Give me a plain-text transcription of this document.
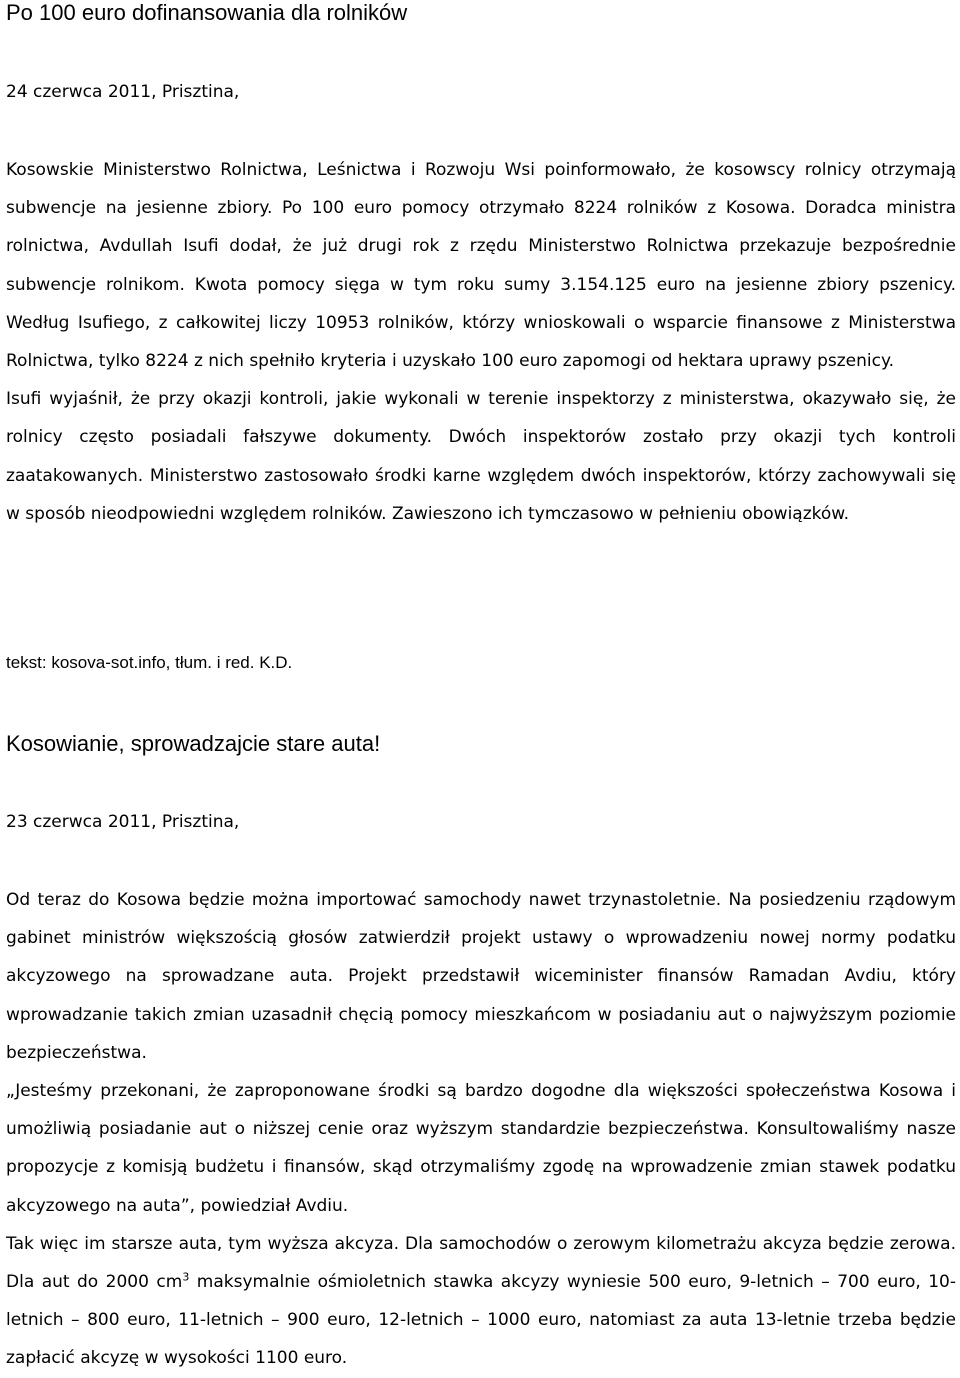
Po 100 euro dofinansowania dla rolników

24 czerwca 2011, Prisztina,

Kosowskie Ministerstwo Rolnictwa, Leśnictwa i Rozwoju Wsi poinformowało, że kosowscy rolnicy otrzymają subwencje na jesienne zbiory. Po 100 euro pomocy otrzymało 8224 rolników z Kosowa. Doradca ministra rolnictwa, Avdullah Isufi dodał, że już drugi rok z rzędu Ministerstwo Rolnictwa przekazuje bezpośrednie subwencje rolnikom. Kwota pomocy sięga w tym roku sumy 3.154.125 euro na jesienne zbiory pszenicy. Według Isufiego, z całkowitej liczy 10953 rolników, którzy wnioskowali o wsparcie finansowe z Ministerstwa Rolnictwa, tylko 8224 z nich spełniło kryteria i uzyskało 100 euro zapomogi od hektara uprawy pszenicy.

Isufi wyjaśnił, że przy okazji kontroli, jakie wykonali w terenie inspektorzy z ministerstwa, okazywało się, że rolnicy często posiadali fałszywe dokumenty. Dwóch inspektorów zostało przy okazji tych kontroli zaatakowanych. Ministerstwo zastosowało środki karne względem dwóch inspektorów, którzy zachowywali się w sposób nieodpowiedni względem rolników. Zawieszono ich tymczasowo w pełnieniu obowiązków.

tekst: kosova-sot.info, tłum. i red. K.D.

Kosowianie, sprowadzajcie stare auta!

23 czerwca 2011, Prisztina,

Od teraz do Kosowa będzie można importować samochody nawet trzynastoletnie. Na posiedzeniu rządowym gabinet ministrów większością głosów zatwierdził projekt ustawy o wprowadzeniu nowej normy podatku akcyzowego na sprowadzane auta. Projekt przedstawił wiceminister finansów Ramadan Avdiu, który wprowadzanie takich zmian uzasadnił chęcią pomocy mieszkańcom w posiadaniu aut o najwyższym poziomie bezpieczeństwa.

„Jesteśmy przekonani, że zaproponowane środki są bardzo dogodne dla większości społeczeństwa Kosowa i umożliwią posiadanie aut o niższej cenie oraz wyższym standardzie bezpieczeństwa. Konsultowaliśmy nasze propozycje z komisją budżetu i finansów, skąd otrzymaliśmy zgodę na wprowadzenie zmian stawek podatku akcyzowego na auta”, powiedział Avdiu.

Tak więc im starsze auta, tym wyższa akcyza. Dla samochodów o zerowym kilometrażu akcyza będzie zerowa. Dla aut do 2000 $cm^3$ maksymalnie ośmioletnich stawka akcyzy wyniesie 500 euro, 9-letnich – 700 euro, 10-letnich – 800 euro, 11-letnich – 900 euro, 12-letnich – 1000 euro, natomiast za auta 13-letnie trzeba będzie zapłacić akcyzę w wysokości 1100 euro.
